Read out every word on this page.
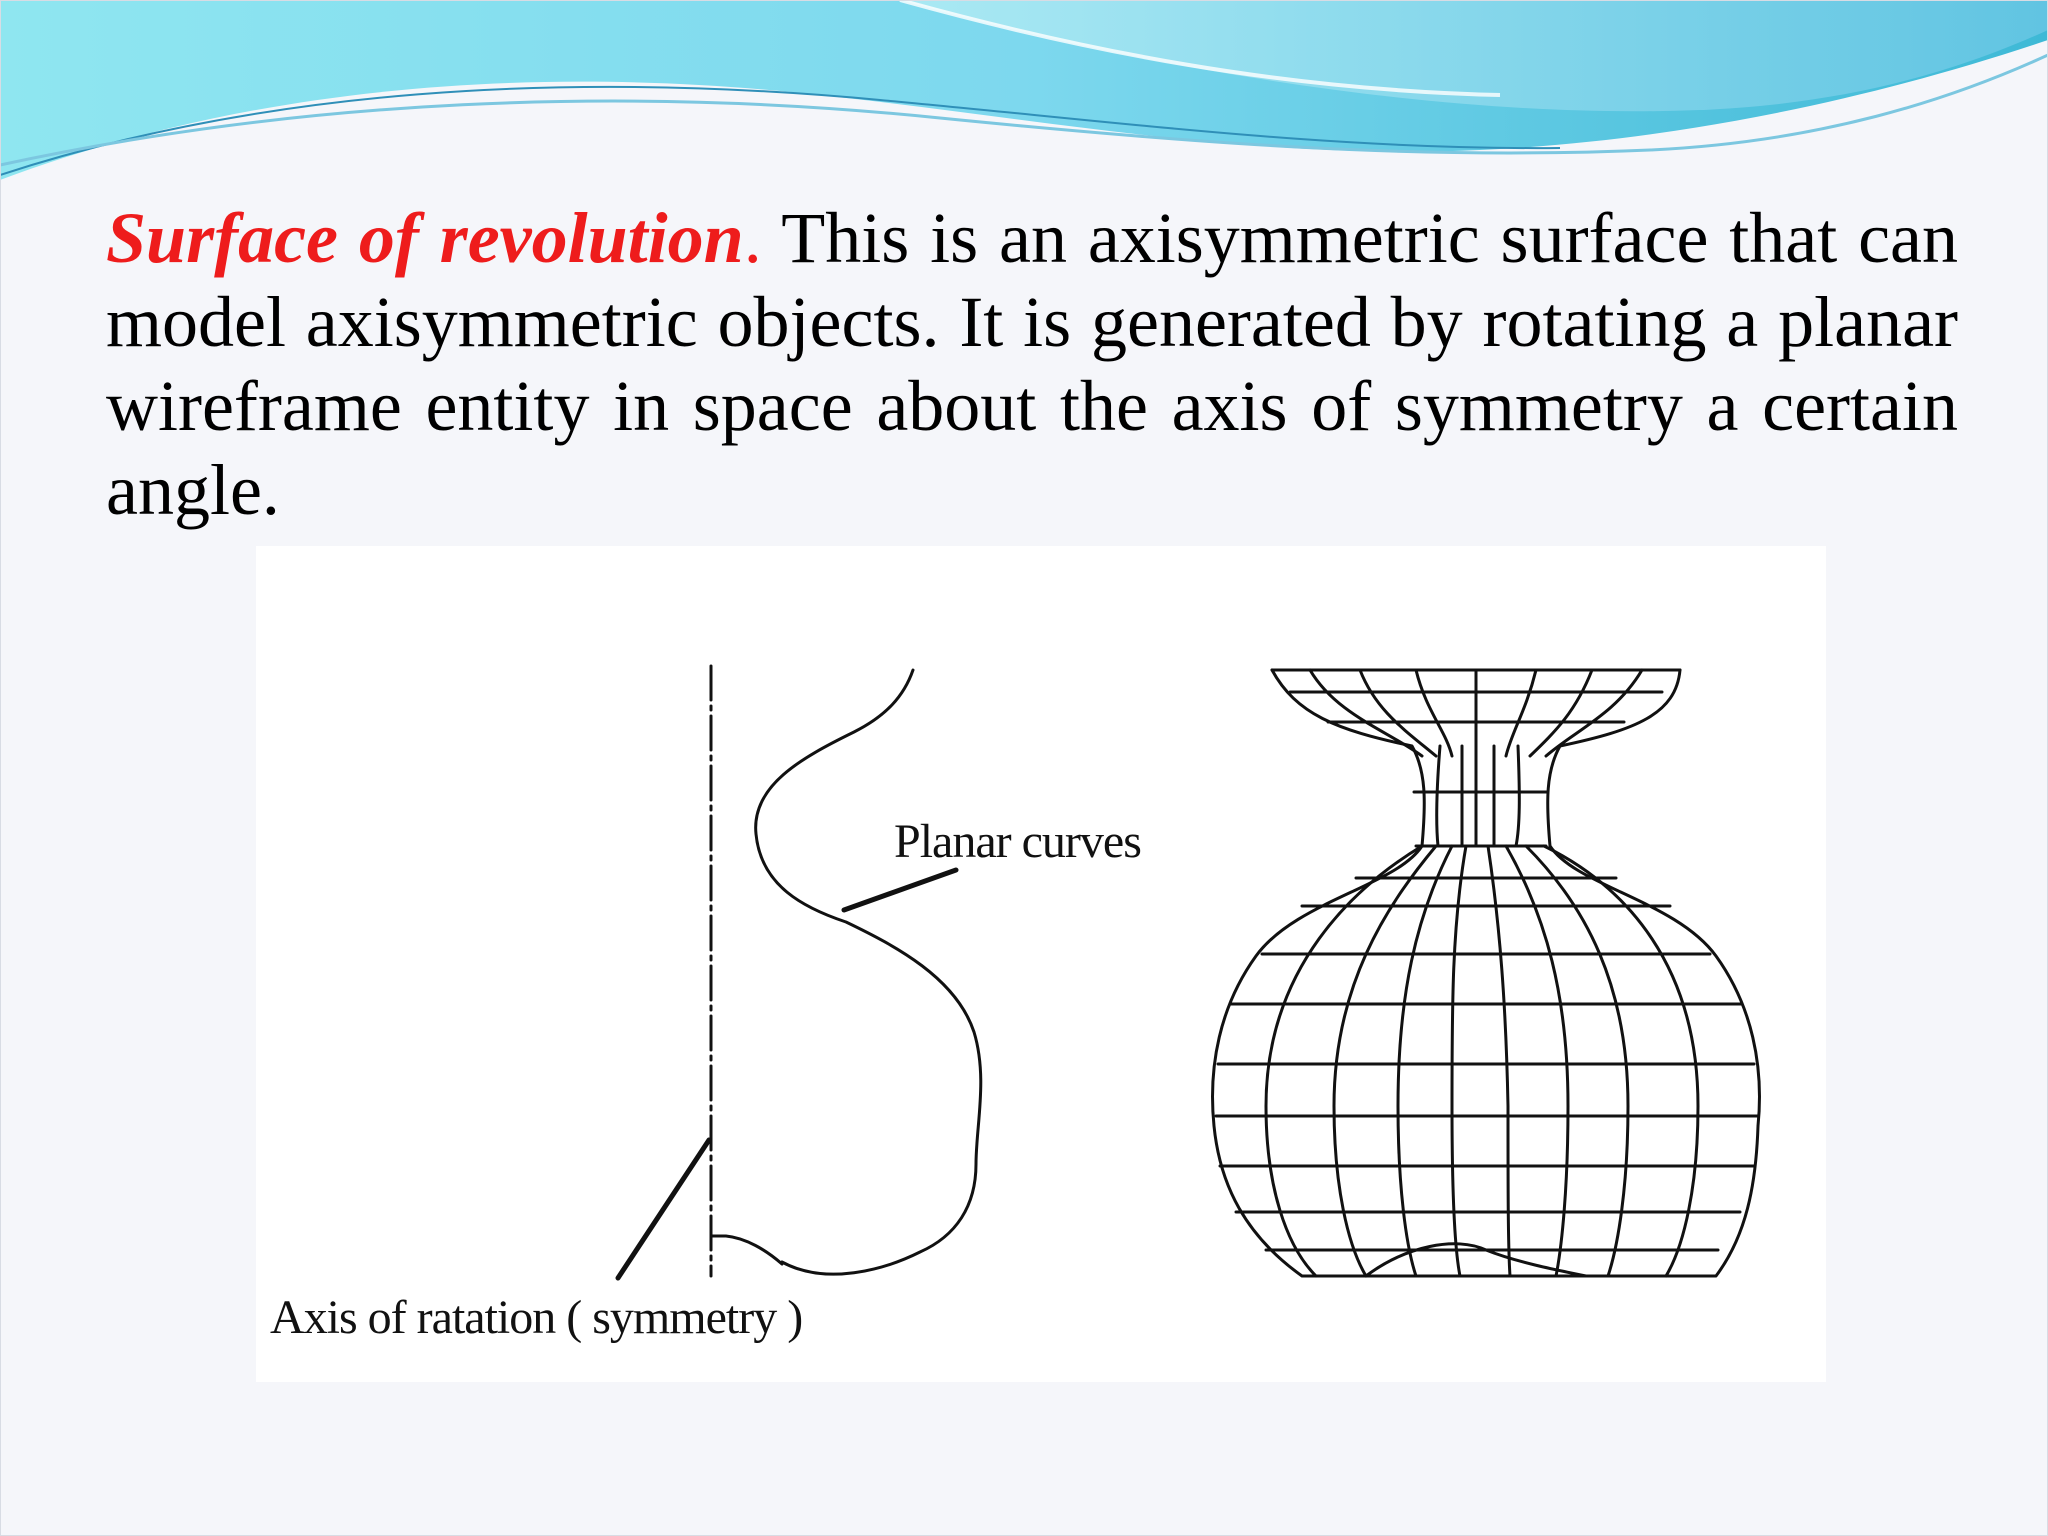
Surface of revolution. This is an axisymmetric surface that can model axisymmetric objects. It is generated by rotating a planar wireframe entity in space about the axis of symmetry a certain angle.

Planar curves
Axis of ratation ( symmetry )
